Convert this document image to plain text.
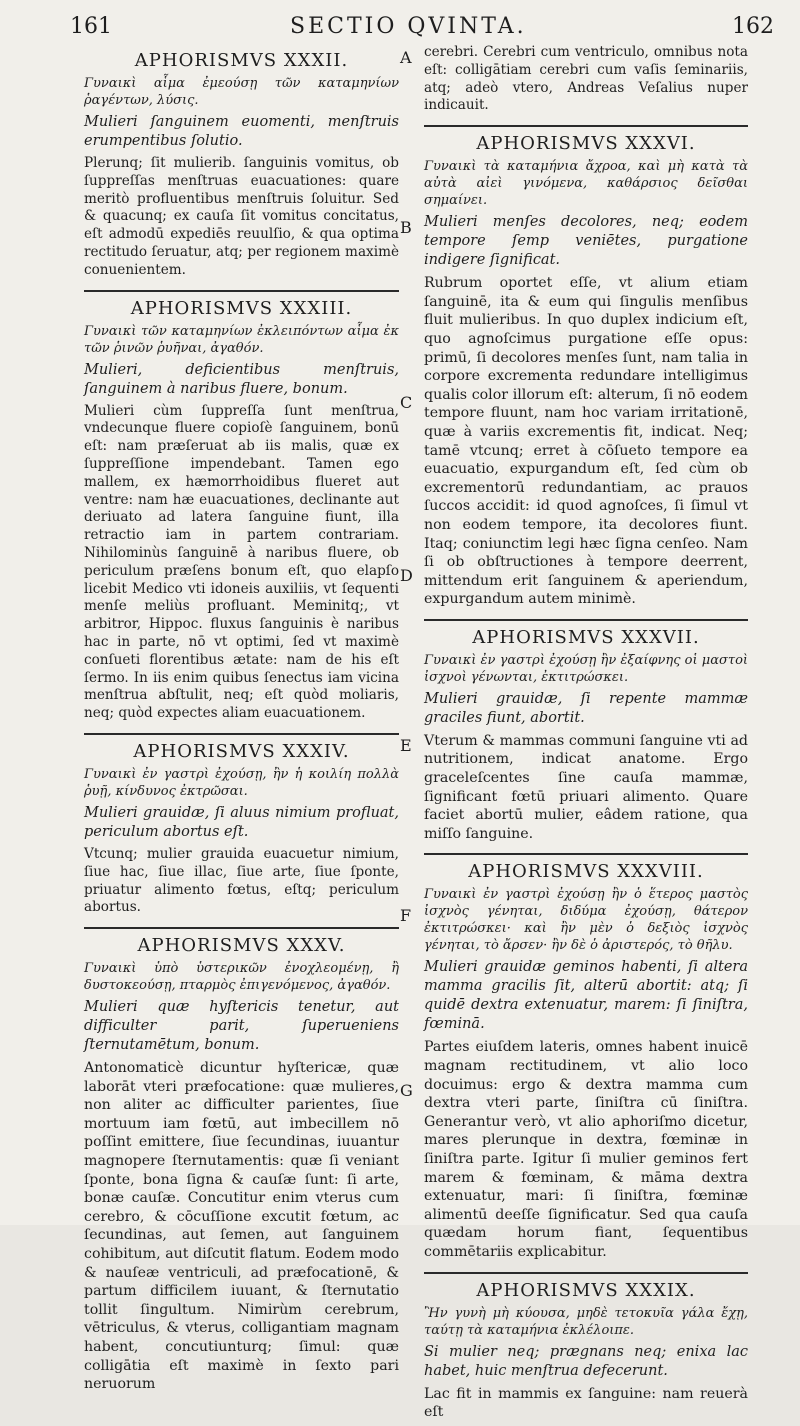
161	SECTIO QVINTA.	162
A
B
C
D
E
F
G
APHORISMVS XXXII.

Γυναικὶ αἷμα ἐμεούσῃ τῶν καταμηνίων ῥαγέντων, λύσις.

Mulieri ſanguinem euomenti, menſtruis erumpentibus ſolutio.

Plerunq; ſit mulierib. ſanguinis vomitus, ob ſuppreſſas menſtruas euacuationes: quare meritò profluentibus menſtruis ſoluitur. Sed & quacunq; ex cauſa ſit vomitus concitatus, eſt admodū expediēs reuulſio, & qua optima rectitudo ſeruatur, atq; per regionem maximè conuenientem.

APHORISMVS XXXIII.

Γυναικὶ τῶν καταμηνίων ἐκλειπόντων αἷμα ἐκ τῶν ῥινῶν ῥυῆναι, ἀγαθόν.

Mulieri, deficientibus menſtruis, ſanguinem à naribus fluere, bonum.

Mulieri cùm ſuppreſſa ſunt menſtrua, vndecunque fluere copioſè ſanguinem, bonū eſt: nam præſeruat ab iis malis, quæ ex ſuppreſſione impendebant. Tamen ego mallem, ex hæmorrhoidibus flueret aut ventre: nam hæ euacuationes, declinante aut deriuato ad latera ſanguine fiunt, illa retractio iam in partem contrariam. Nihilominùs ſanguinē à naribus fluere, ob periculum præſens bonum eſt, quo elapſo licebit Medico vti idoneis auxiliis, vt ſequenti menſe meliùs profluant. Meminitq;, vt arbitror, Hippoc. fluxus ſanguinis è naribus hac in parte, nō vt optimi, ſed vt maximè conſueti florentibus ætate: nam de his eſt ſermo. In iis enim quibus ſenectus iam vicina menſtrua abſtulit, neq; eſt quòd moliaris, neq; quòd expectes aliam euacuationem.

APHORISMVS XXXIV.

Γυναικὶ ἐν γαστρὶ ἐχούσῃ, ἢν ἡ κοιλίη πολλὰ ῥυῇ, κίνδυνος ἐκτρῶσαι.

Mulieri grauidæ, ſi aluus nimium profluat, periculum abortus eſt.

Vtcunq; mulier grauida euacuetur nimium, ſiue hac, ſiue illac, ſiue arte, ſiue ſponte, priuatur alimento fœtus, eſtq; periculum abortus.

APHORISMVS XXXV.

Γυναικὶ ὑπὸ ὑστερικῶν ἐνοχλεομένῃ, ἢ δυστοκεούσῃ, πταρμὸς ἐπιγενόμενος, ἀγαθόν.

Mulieri quæ hyſtericis tenetur, aut difficulter parit, ſuperueniens ſternutamētum, bonum.

Antonomaticè dicuntur hyſtericæ, quæ laborāt vteri præfocatione: quæ mulieres, non aliter ac difficulter parientes, ſiue mortuum iam fœtū, aut imbecillem nō poſſint emittere, ſiue ſecundinas, iuuantur magnopere ſternutamentis: quæ ſi veniant ſponte, bona ſigna & cauſæ ſunt: ſi arte, bonæ cauſæ. Concutitur enim vterus cum cerebro, & cōcuſſione excutit fœtum, ac ſecundinas, aut ſemen, aut ſanguinem cohibitum, aut diſcutit flatum. Eodem modo & nauſeæ ventriculi, ad præfocationē, & partum difficilem iuuant, & ſternutatio tollit ſingultum. Nimirùm cerebrum, vētriculus, & vterus, colligantiam magnam habent, concutiunturq; ſimul: quæ colligātia eſt maximè in ſexto pari neruorum

cerebri. Cerebri cum ventriculo, omnibus nota eſt: colligātiam cerebri cum vaſis ſeminariis, atq; adeò vtero, Andreas Veſalius nuper indicauit.

APHORISMVS XXXVI.

Γυναικὶ τὰ καταμήνια ἄχροα, καὶ μὴ κατὰ τὰ αὐτὰ αἰεὶ γινόμενα, καθάρσιος δεῖσθαι σημαίνει.

Mulieri menſes decolores, neq; eodem tempore ſemp veniētes, purgatione indigere ſignificat.

Rubrum oportet eſſe, vt alium etiam ſanguinē, ita & eum qui ſingulis menſibus fluit mulieribus. In quo duplex indicium eſt, quo agnoſcimus purgatione eſſe opus: primū, ſi decolores menſes ſunt, nam talia in corpore excrementa redundare intelligimus qualis color illorum eſt: alterum, ſi nō eodem tempore fluunt, nam hoc variam irritationē, quæ à variis excrementis fit, indicat. Neq; tamē vtcunq; erret à cōſueto tempore ea euacuatio, expurgandum eſt, ſed cùm ob excrementorū redundantiam, ac prauos ſuccos accidit: id quod agnoſces, ſi ſimul vt non eodem tempore, ita decolores fiunt. Itaq; coniunctim legi hæc ſigna cenſeo. Nam ſi ob obſtructiones à tempore deerrent, mittendum erit ſanguinem & aperiendum, expurgandum autem minimè.

APHORISMVS XXXVII.

Γυναικὶ ἐν γαστρὶ ἐχούσῃ ἢν ἐξαίφνης οἱ μαστοὶ ἰσχνοὶ γένωνται, ἐκτιτρώσκει.

Mulieri grauidæ, ſi repente mammæ graciles fiunt, abortit.

Vterum & mammas communi ſanguine vti ad nutritionem, indicat anatome. Ergo graceleſcentes ſine cauſa mammæ, ſignificant fœtū priuari alimento. Quare faciet abortū mulier, eâdem ratione, qua miſſo ſanguine.

APHORISMVS XXXVIII.

Γυναικὶ ἐν γαστρὶ ἐχούσῃ ἢν ὁ ἕτερος μαστὸς ἰσχνὸς γένηται, διδύμα ἐχούσῃ, θάτερον ἐκτιτρώσκει· καὶ ἢν μὲν ὁ δεξιὸς ἰσχνὸς γένηται, τὸ ἄρσεν· ἢν δὲ ὁ ἀριστερός, τὸ θῆλυ.

Mulieri grauidæ geminos habenti, ſi altera mamma gracilis ſit, alterū abortit: atq; ſi quidē dextra extenuatur, marem: ſi ſiniſtra, fœminā.

Partes eiuſdem lateris, omnes habent inuicē magnam rectitudinem, vt alio loco docuimus: ergo & dextra mamma cum dextra vteri parte, ſiniſtra cū ſiniſtra. Generantur verò, vt alio aphoriſmo dicetur, mares plerunque in dextra, fœminæ in ſiniſtra parte. Igitur ſi mulier geminos fert marem & fœminam, & māma dextra extenuatur, mari: ſi ſiniſtra, fœminæ alimentū deeſſe ſignificatur. Sed qua cauſa quædam horum fiant, ſequentibus commētariis explicabitur.

APHORISMVS XXXIX.

Ἢν γυνὴ μὴ κύουσα, μηδὲ τετοκυῖα γάλα ἔχῃ, ταύτῃ τὰ καταμήνια ἐκλέλοιπε.

Si mulier neq; prægnans neq; enixa lac habet, huic menſtrua defecerunt.

Lac fit in mammis ex ſanguine: nam reuerà eſt
